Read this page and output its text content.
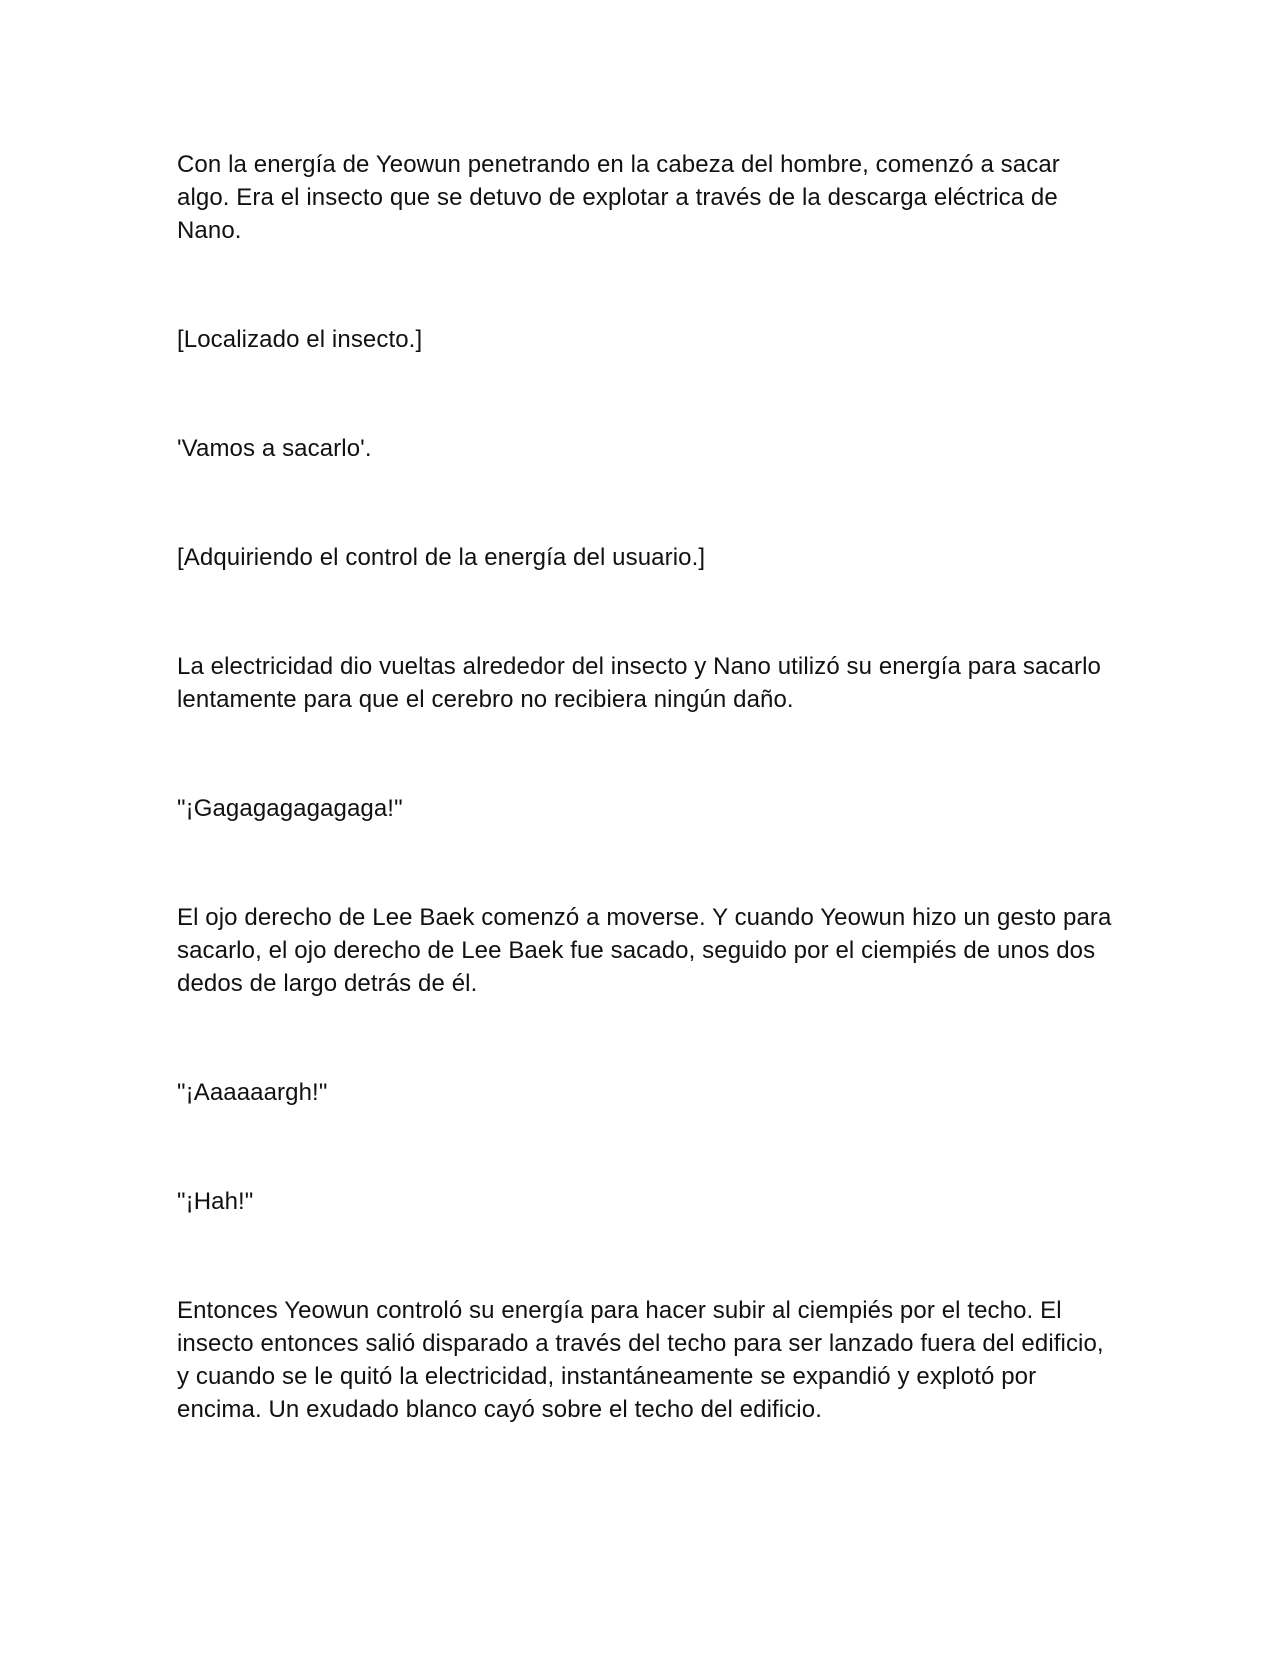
Con la energía de Yeowun penetrando en la cabeza del hombre, comenzó a sacar algo. Era el insecto que se detuvo de explotar a través de la descarga eléctrica de Nano.

[Localizado el insecto.]

'Vamos a sacarlo'.

[Adquiriendo el control de la energía del usuario.]

La electricidad dio vueltas alrededor del insecto y Nano utilizó su energía para sacarlo lentamente para que el cerebro no recibiera ningún daño.

"¡Gagagagagagaga!"

El ojo derecho de Lee Baek comenzó a moverse. Y cuando Yeowun hizo un gesto para sacarlo, el ojo derecho de Lee Baek fue sacado, seguido por el ciempiés de unos dos dedos de largo detrás de él.

"¡Aaaaaargh!"

"¡Hah!"

Entonces Yeowun controló su energía para hacer subir al ciempiés por el techo. El insecto entonces salió disparado a través del techo para ser lanzado fuera del edificio, y cuando se le quitó la electricidad, instantáneamente se expandió y explotó por encima. Un exudado blanco cayó sobre el techo del edificio.
